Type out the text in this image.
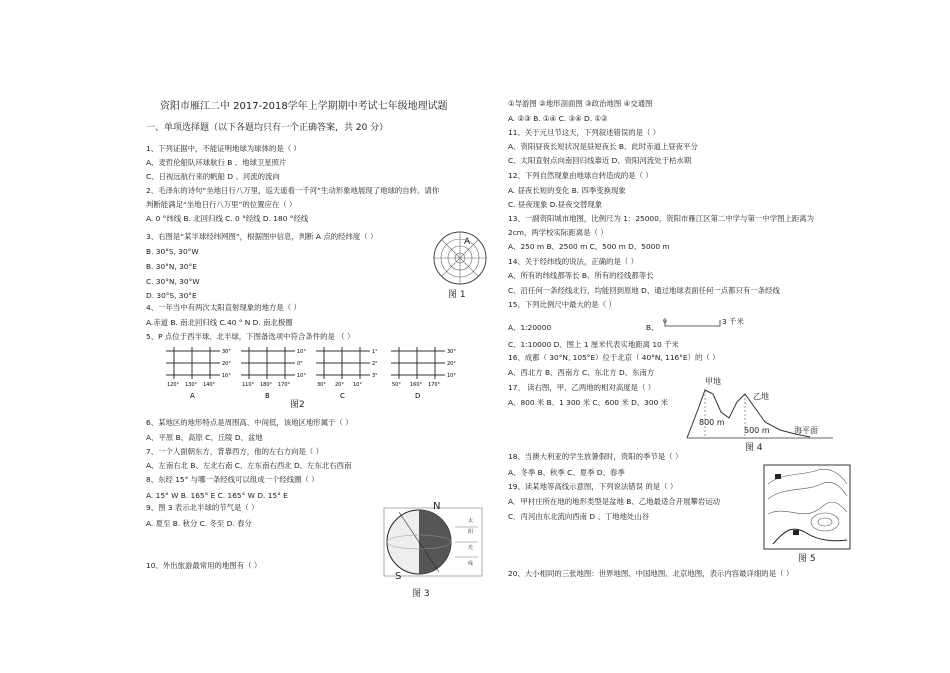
资阳市雁江二中 2017-2018学年上学期期中考试七年级地理试题
一、单项选择题（以下各题均只有一个正确答案，共 20 分）
1、下列证据中，不能证明地球为球体的是（ ）
A、麦哲伦船队环球航行 B 、地球卫星照片
C、日视远航行来的帆船 D 、河流的流向
2、毛泽东的诗句“坐地日行八万里，巡天遥看一千河”生动形象地展现了地球的自转。请你
判断能满足“坐地日行八万里”的位置应在（ ）
A. 0 °纬线 B. 北回归线 C. 0 °经线 D. 180 °经线
3、右图是“某半球经纬网图”，根据图中信息，判断 A 点的经纬度（ ）
B. 30°S, 30°W
B. 30°N, 30°E
C. 30°N, 30°W
D. 30°S, 30°E
4、一年当中有两次太阳直射现象的地方是（ ）
A.赤道 B. 南北回归线 C.40 ° N D. 南北极圈
5、P 点位于西半球、北半球，下图备选项中符合条件的是 （ ）
6、某地区的地形特点是周围高、中间低，该地区地形属于（ ）
A、平原 B、高原 C、丘陵 D、盆地
7、一个人面朝东方，背靠西方，他的左右方向是（ ）
A、左南右北 B、左北右南 C、左东南右西北 D、左东北右西南
8、东经 15° 与哪一条经线可以组成一个经线圈（ ）
A. 15° W B. 165° E C. 165° W D. 15° E
9、图 3 表示北半球的节气是（ ）
A. 夏至 B. 秋分 C. 冬至 D. 春分
10、外出旅游最常用的地图有（ ）
①导游图 ②地形剖面图 ③政治地图 ④交通图
A. ②③ B. ①④ C. ③④ D. ①②
11、关于元旦节这天，下列叙述错误的是（ ）
A、资阳昼夜长短状况是昼短夜长 B、此时赤道上昼夜平分
C、太阳直射点向南回归线靠近 D、资阳河流处于枯水期
12、下列自然现象由地球自转造成的是（ ）
A. 昼夜长短的变化 B. 四季变换现象
C. 昼夜现象 D.昼夜交替现象
13、一副资阳城市地图，比例尺为 1：25000，资阳市雁江区第二中学与第一中学图上距离为
2cm，两学校实际距离是（ ）
A、250 m B、2500 m C、500 m D、5000 m
14、关于经纬线的说法，正确的是（ ）
A、所有的纬线都等长 B、所有的经线都等长
C、沿任何一条经线北行，均能回到原地 D、通过地球表面任何一点都只有一条经线
15、下列比例尺中最大的是（ ）
A、1:20000
C、1:10000 D、图上 1 厘米代表实地距离 10 千米
16、成都（ 30°N, 105°E）位于北京（ 40°N, 116°E）的（ ）
A、西北方 B、西南方 C、东北方 D、东南方
17、 读右图，甲、乙两地的相对高度是（ ）
A、800 米 B、1 300 米 C、600 米 D、300 米
18、当澳大利亚的学生放暑假时，资阳的季节是（ ）
A、冬季 B、秋季 C、夏季 D、春季
19、读某地等高线示意图，下列说法错误 的是（ ）
A．甲村庄所在地的地形类型是盆地 B、乙地最适合开展攀岩运动
C．丙河由东北流向西南 D 、丁地地处山谷
20、大小相同的三张地图：世界地图、中国地图、北京地图，表示内容最详细的是（ ）
A
图 1
30°
20°
10°
120° 130° 140°
A
10°
0°
10°
110° 180° 170°
B
1°
2°
3°
30° 20° 10°
C
30°
20°
10°
50° 160° 170°
D
图2
N
S
太
阳
光
线
图 3
B、
0	3 千米
甲地
乙地
800 m
500 m	海平面
图 4
图 5
